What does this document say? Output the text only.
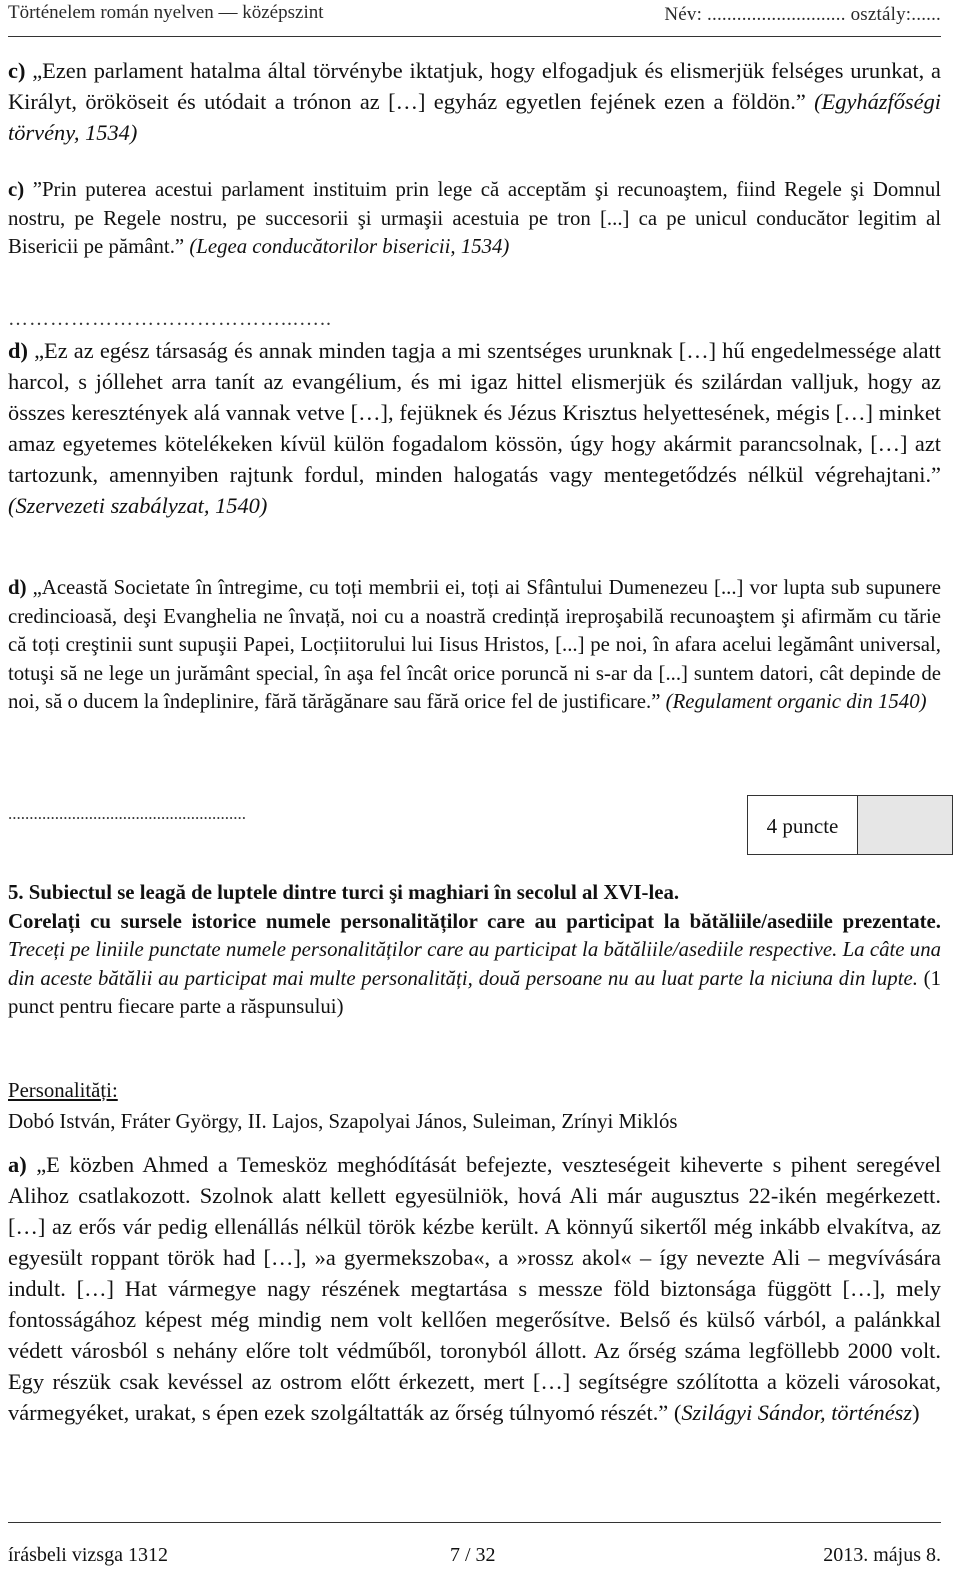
Történelem román nyelven — középszint	Név: ............................ osztály:......

c) „Ezen parlament hatalma által törvénybe iktatjuk, hogy elfogadjuk és elismerjük felséges urunkat, a Királyt, örököseit és utódait a trónon az […] egyház egyetlen fejének ezen a földön.” (Egyházfőségi törvény, 1534)

c) ”Prin puterea acestui parlament instituim prin lege că acceptăm şi recunoaştem, fiind Regele şi Domnul nostru, pe Regele nostru, pe succesorii şi urmaşii acestuia pe tron [...] ca pe unicul conducător legitim al Bisericii pe pământ.” (Legea conducătorilor bisericii, 1534)

…………………………………...…..

d) „Ez az egész társaság és annak minden tagja a mi szentséges urunknak […] hű engedelmessége alatt harcol, s jóllehet arra tanít az evangélium, és mi igaz hittel elismerjük és szilárdan valljuk, hogy az összes keresztények alá vannak vetve […], fejüknek és Jézus Krisztus helyettesének, mégis […] minket amaz egyetemes kötelékeken kívül külön fogadalom kössön, úgy hogy akármit parancsolnak, […] azt tartozunk, amennyiben rajtunk fordul, minden halogatás vagy mentegetődzés nélkül végrehajtani.” (Szervezeti szabályzat, 1540)

d) „Această Societate în întregime, cu toți membrii ei, toți ai Sfântului Dumenezeu [...] vor lupta sub supunere credincioasă, deşi Evanghelia ne învață, noi cu a noastră credință ireproşabilă recunoaştem şi afirmăm cu tărie că toți creştinii sunt supuşii Papei, Locțiitorului lui Iisus Hristos, [...] pe noi, în afara acelui legământ universal, totuşi să ne lege un jurământ special, în aşa fel încât orice poruncă ni s-ar da [...] suntem datori, cât depinde de noi, să o ducem la îndeplinire, fără tărăgănare sau fără orice fel de justificare.” (Regulament organic din 1540)

........................................................	4 puncte

5. Subiectul se leagă de luptele dintre turci şi maghiari în secolul al XVI-lea.

Corelați cu sursele istorice numele personalităților care au participat la bătăliile/asediile prezentate. Treceți pe liniile punctate numele personalităților care au participat la bătăliile/asediile respective. La câte una din aceste bătălii au participat mai multe personalități, două persoane nu au luat parte la niciuna din lupte. (1 punct pentru fiecare parte a răspunsului)

Personalități:

Dobó István, Fráter György, II. Lajos, Szapolyai János, Suleiman, Zrínyi Miklós

a) „E közben Ahmed a Temesköz meghódítását befejezte, veszteségeit kiheverte s pihent seregével Alihoz csatlakozott. Szolnok alatt kellett egyesülniök, hová Ali már augusztus 22-ikén megérkezett. […] az erős vár pedig ellenállás nélkül török kézbe került. A könnyű sikertől még inkább elvakítva, az egyesült roppant török had […], »a gyermekszoba«, a »rossz akol« – így nevezte Ali – megvívására indult. […] Hat vármegye nagy részének megtartása s messze föld biztonsága függött […], mely fontosságához képest még mindig nem volt kellően megerősítve. Belső és külső várból, a palánkkal védett városból s nehány előre tolt védműből, toronyból állott. Az őrség száma legföllebb 2000 volt. Egy részük csak kevéssel az ostrom előtt érkezett, mert […] segítségre szólította a közeli városokat, vármegyéket, urakat, s épen ezek szolgáltatták az őrség túlnyomó részét.” (Szilágyi Sándor, történész)

írásbeli vizsga 1312	7 / 32	2013. május 8.
